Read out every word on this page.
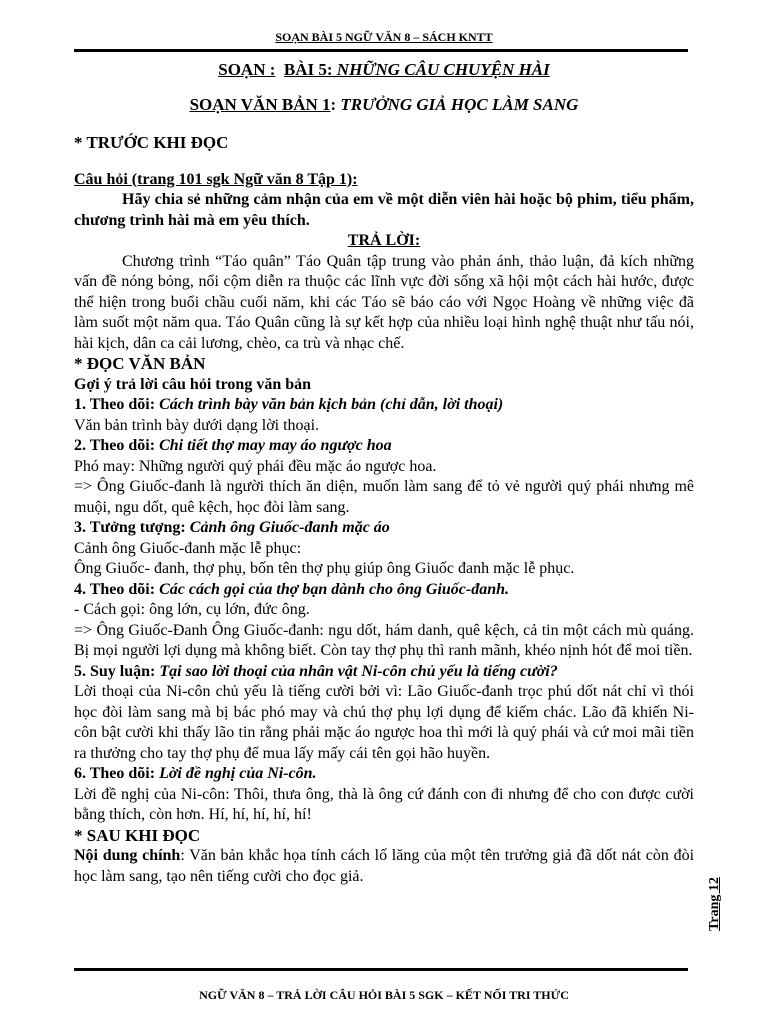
SOẠN BÀI 5 NGỮ VĂN 8 – SÁCH KNTT
SOẠN : BÀI 5: NHỮNG CÂU CHUYỆN HÀI
SOẠN VĂN BẢN 1: TRƯỞNG GIẢ HỌC LÀM SANG
* TRƯỚC KHI ĐỌC
Câu hỏi (trang 101 sgk Ngữ văn 8 Tập 1):

Hãy chia sẻ những cảm nhận của em về một diễn viên hài hoặc bộ phim, tiểu phẩm, chương trình hài mà em yêu thích.

TRẢ LỜI:

Chương trình “Táo quân” Táo Quân tập trung vào phản ánh, thảo luận, đả kích những vấn đề nóng bỏng, nổi cộm diễn ra thuộc các lĩnh vực đời sống xã hội một cách hài hước, được thể hiện trong buổi chầu cuối năm, khi các Táo sẽ báo cáo với Ngọc Hoàng về những việc đã làm suốt một năm qua. Táo Quân cũng là sự kết hợp của nhiều loại hình nghệ thuật như tấu nói, hài kịch, dân ca cải lương, chèo, ca trù và nhạc chế.

* ĐỌC VĂN BẢN
Gợi ý trả lời câu hỏi trong văn bản
1. Theo dõi: Cách trình bày văn bản kịch bản (chỉ dẫn, lời thoại)

Văn bản trình bày dưới dạng lời thoại.

2. Theo dõi: Chi tiết thợ may may áo ngược hoa

Phó may: Những người quý phái đều mặc áo ngược hoa.

=> Ông Giuốc-đanh là người thích ăn diện, muốn làm sang để tỏ vẻ người quý phái nhưng mê muội, ngu dốt, quê kệch, học đòi làm sang.

3. Tưởng tượng: Cảnh ông Giuốc-đanh mặc áo

Cảnh ông Giuốc-đanh mặc lễ phục:

Ông Giuốc- đanh, thợ phụ, bốn tên thợ phụ giúp ông Giuốc đanh mặc lễ phục.

4. Theo dõi: Các cách gọi của thợ bạn dành cho ông Giuốc-đanh.

- Cách gọi: ông lớn, cụ lớn, đức ông.

=> Ông Giuốc-Đanh Ông Giuốc-đanh: ngu dốt, hám danh, quê kệch, cả tin một cách mù quáng. Bị mọi người lợi dụng mà không biết. Còn tay thợ phụ thì ranh mãnh, khéo nịnh hót để moi tiền.

5. Suy luận: Tại sao lời thoại của nhân vật Ni-côn chủ yếu là tiếng cười?

Lời thoại của Ni-côn chủ yếu là tiếng cười bởi vì: Lão Giuốc-đanh trọc phú dốt nát chỉ vì thói học đòi làm sang mà bị bác phó may và chú thợ phụ lợi dụng để kiếm chác. Lão đã khiến Ni- côn bật cười khi thấy lão tin rằng phải mặc áo ngược hoa thì mới là quý phái và cứ moi mãi tiền ra thưởng cho tay thợ phụ để mua lấy mấy cái tên gọi hão huyền.

6. Theo dõi: Lời đề nghị của Ni-côn.

Lời đề nghị của Ni-côn: Thôi, thưa ông, thà là ông cứ đánh con đi nhưng để cho con được cười bằng thích, còn hơn. Hí, hí, hí, hí, hí!

* SAU KHI ĐỌC

Nội dung chính: Văn bản khắc họa tính cách lố lăng của một tên trưởng giả đã dốt nát còn đòi học làm sang, tạo nên tiếng cười cho đọc giả.

Trang 12
NGỮ VĂN 8 – TRẢ LỜI CÂU HỎI BÀI 5 SGK – KẾT NỐI TRI THỨC
